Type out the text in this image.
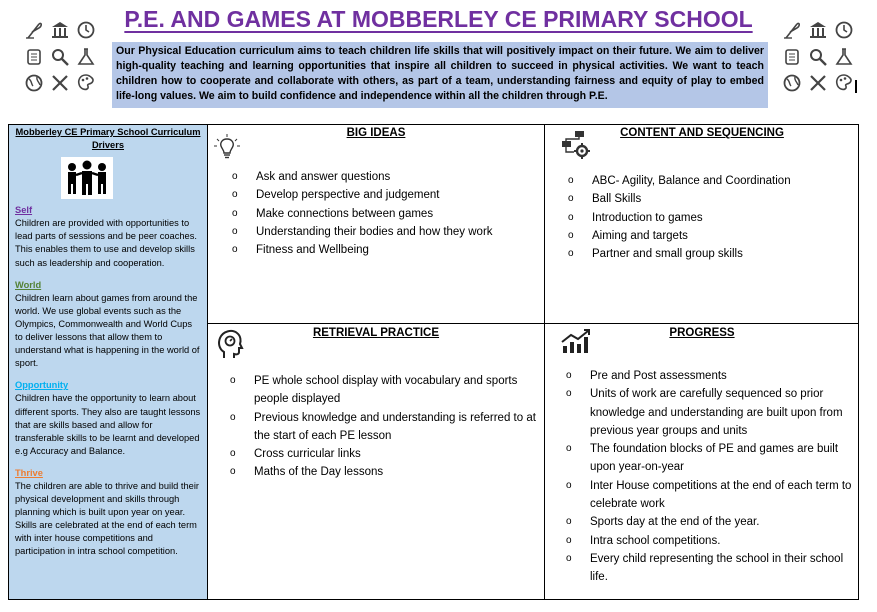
P.E. AND GAMES AT MOBBERLEY CE PRIMARY SCHOOL
Our Physical Education curriculum aims to teach children life skills that will positively impact on their future. We aim to deliver high-quality teaching and learning opportunities that inspire all children to succeed in physical activities. We want to teach children how to cooperate and collaborate with others, as part of a team, understanding fairness and equity of play to embed life-long values. We aim to build confidence and independence within all the children through P.E.
Mobberley CE Primary School Curriculum Drivers
Self
Children are provided with opportunities to lead parts of sessions and be peer coaches. This enables them to use and develop skills such as leadership and cooperation.
World
Children learn about games from around the world. We use global events such as the Olympics, Commonwealth and World Cups to deliver lessons that allow them to understand what is happening in the world of sport.
Opportunity
Children have the opportunity to learn about different sports. They also are taught lessons that are skills based and allow for transferable skills to be learnt and developed e.g Accuracy and Balance.
Thrive
The children are able to thrive and build their physical development and skills through planning which is built upon year on year. Skills are celebrated at the end of each term with inter house competitions and participation in intra school competition.
BIG IDEAS
o Ask and answer questions
o Develop perspective and judgement
o Make connections between games
o Understanding their bodies and how they work
o Fitness and Wellbeing
CONTENT AND SEQUENCING
o ABC- Agility, Balance and Coordination
o Ball Skills
o Introduction to games
o Aiming and targets
o Partner and small group skills
RETRIEVAL PRACTICE
o PE whole school display with vocabulary and sports people displayed
o Previous knowledge and understanding is referred to at the start of each PE lesson
o Cross curricular links
o Maths of the Day lessons
PROGRESS
o Pre and Post assessments
o Units of work are carefully sequenced so prior knowledge and understanding are built upon from previous year groups and units
o The foundation blocks of PE and games are built upon year-on-year
o Inter House competitions at the end of each term to celebrate work
o Sports day at the end of the year.
o Intra school competitions.
o Every child representing the school in their school life.
